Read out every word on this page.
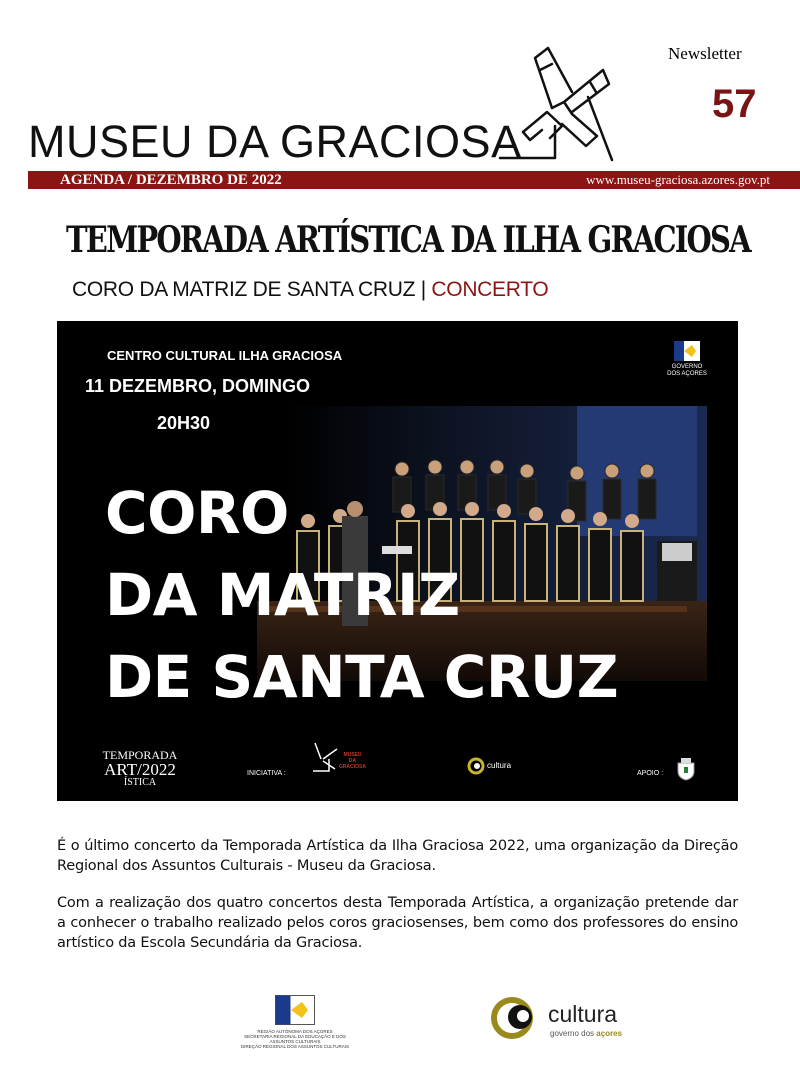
Newsletter
57
MUSEU DA GRACIOSA
AGENDA / DEZEMBRO DE 2022	www.museu-graciosa.azores.gov.pt
TEMPORADA ARTÍSTICA DA ILHA GRACIOSA
CORO DA MATRIZ DE SANTA CRUZ | CONCERTO
CENTRO CULTURAL ILHA GRACIOSA
11 DEZEMBRO, DOMINGO
20H30
CORO
DA MATRIZ
DE SANTA CRUZ
GOVERNO
DOS AÇORES
TEMPORADA
ART/2022
ÍSTICA
INICIATIVA :
MUSEU
DA
GRACIOSA	cultura
APOIO :
É o último concerto da Temporada Artística da Ilha Graciosa 2022, uma organização da Direção Regional dos Assuntos Culturais - Museu da Graciosa.
Com a realização dos quatro concertos desta Temporada Artística, a organização pretende dar a conhecer o trabalho realizado pelos coros graciosenses, bem como dos professores do ensino artístico da Escola Secundária da Graciosa.
REGIÃO AUTÓNOMA DOS AÇORES
SECRETARIA REGIONAL DA EDUCAÇÃO E DOS ASSUNTOS CULTURAIS
DIREÇÃO REGIONAL DOS ASSUNTOS CULTURAIS
cultura
governo dos açores
